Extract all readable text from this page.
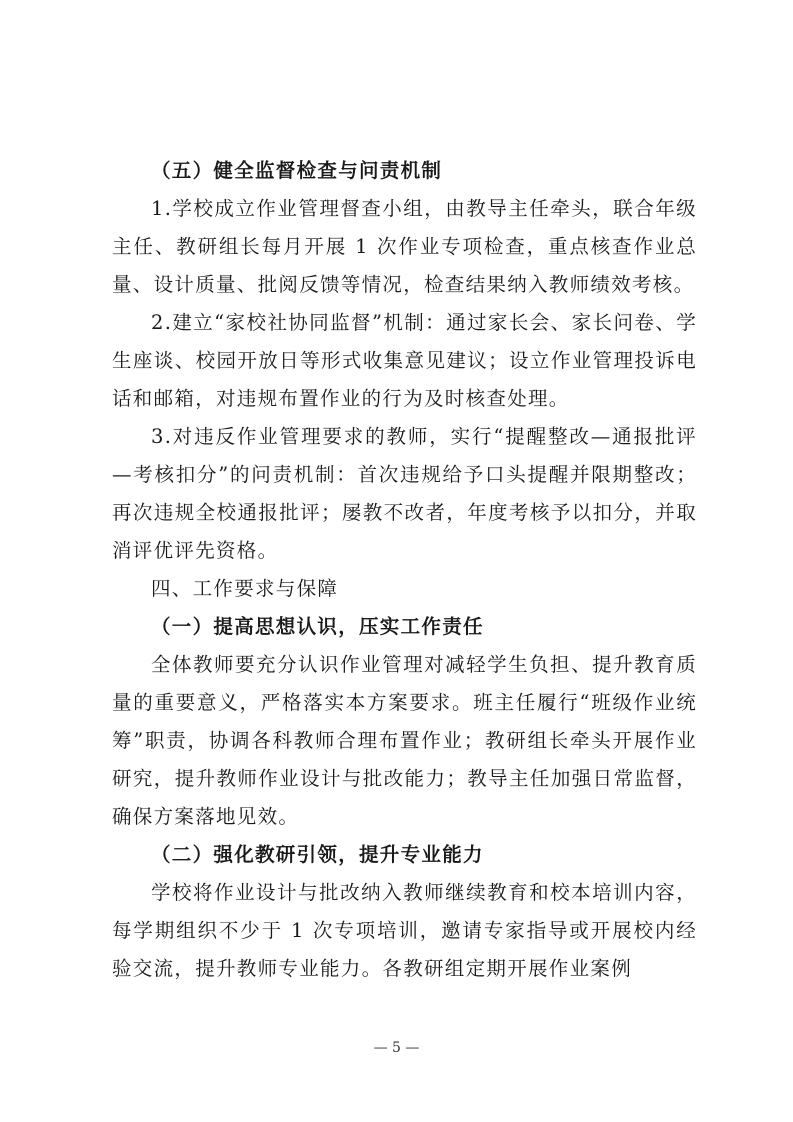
（五）健全监督检查与问责机制

1.学校成立作业管理督查小组，由教导主任牵头，联合年级主任、教研组长每月开展 1 次作业专项检查，重点核查作业总量、设计质量、批阅反馈等情况，检查结果纳入教师绩效考核。

2.建立“家校社协同监督”机制：通过家长会、家长问卷、学生座谈、校园开放日等形式收集意见建议；设立作业管理投诉电话和邮箱，对违规布置作业的行为及时核查处理。

3.对违反作业管理要求的教师，实行“提醒整改—通报批评—考核扣分”的问责机制：首次违规给予口头提醒并限期整改；再次违规全校通报批评；屡教不改者，年度考核予以扣分，并取消评优评先资格。

四、工作要求与保障

（一）提高思想认识，压实工作责任

全体教师要充分认识作业管理对减轻学生负担、提升教育质量的重要意义，严格落实本方案要求。班主任履行“班级作业统筹”职责，协调各科教师合理布置作业；教研组长牵头开展作业研究，提升教师作业设计与批改能力；教导主任加强日常监督，确保方案落地见效。

（二）强化教研引领，提升专业能力

学校将作业设计与批改纳入教师继续教育和校本培训内容，每学期组织不少于 1 次专项培训，邀请专家指导或开展校内经验交流，提升教师专业能力。各教研组定期开展作业案例

— 5 —
